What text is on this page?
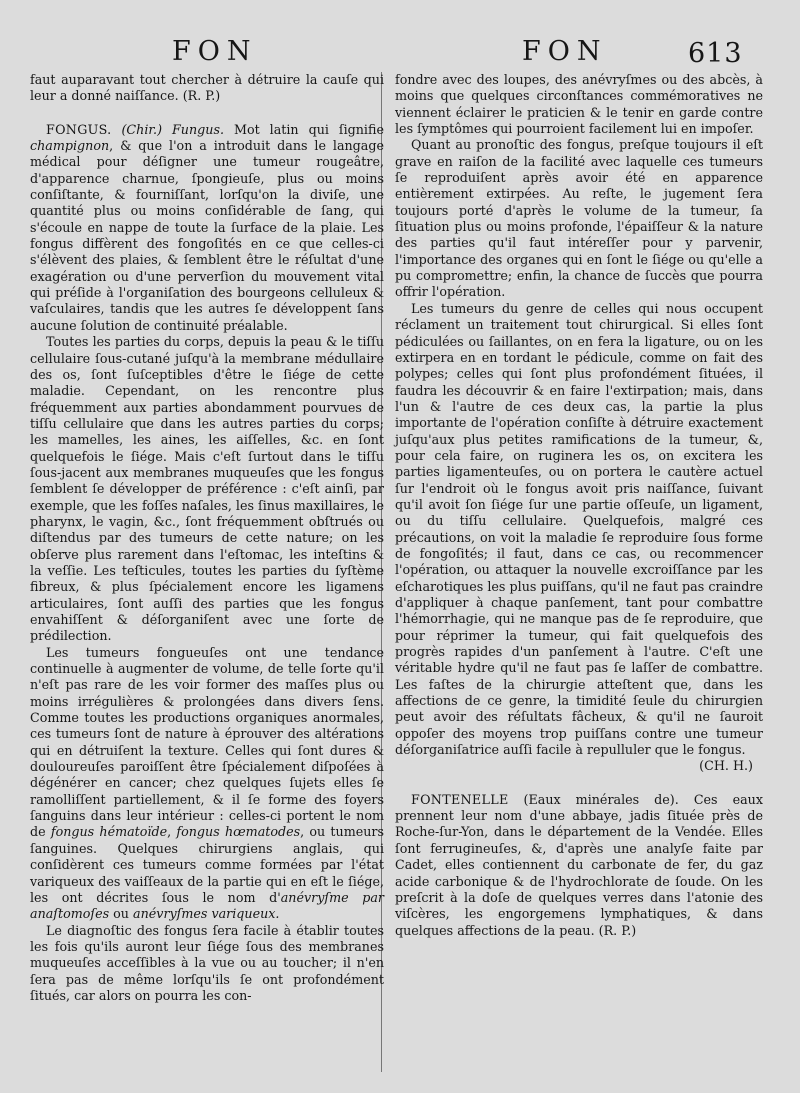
FON	FON	613

faut auparavant tout chercher à détruire la cauſe qui leur a donné naiſſance. (R. P.)

FONGUS. (Chir.) Fungus. Mot latin qui ſignifie champignon, & que l'on a introduit dans le langage médical pour déſigner une tumeur rougeâtre, d'apparence charnue, ſpongieuſe, plus ou moins conſiſtante, & fourniſſant, lorſqu'on la diviſe, une quantité plus ou moins conſidérable de ſang, qui s'écoule en nappe de toute la ſurface de la plaie. Les fongus diffèrent des fongoſités en ce que celles-ci s'élèvent des plaies, & ſemblent être le réſultat d'une exagération ou d'une perverſion du mouvement vital qui préſide à l'organiſation des bourgeons celluleux & vaſculaires, tandis que les autres ſe développent ſans aucune ſolution de continuité préalable.

Toutes les parties du corps, depuis la peau & le tiſſu cellulaire ſous-cutané juſqu'à la membrane médullaire des os, ſont ſuſceptibles d'être le ſiége de cette maladie. Cependant, on les rencontre plus fréquemment aux parties abondamment pourvues de tiſſu cellulaire que dans les autres parties du corps; les mamelles, les aines, les aiſſelles, &c. en ſont quelquefois le ſiége. Mais c'eſt ſurtout dans le tiſſu ſous-jacent aux membranes muqueuſes que les fongus ſemblent ſe développer de préférence : c'eſt ainſi, par exemple, que les foſſes naſales, les ſinus maxillaires, le pharynx, le vagin, &c., ſont fréquemment obſtrués ou diſtendus par des tumeurs de cette nature; on les obſerve plus rarement dans l'eſtomac, les inteſtins & la veſſie. Les teſticules, toutes les parties du ſyſtème fibreux, & plus ſpécialement encore les ligamens articulaires, ſont auſſi des parties que les fongus envahiſſent & déſorganiſent avec une ſorte de prédilection.

Les tumeurs fongueuſes ont une tendance continuelle à augmenter de volume, de telle ſorte qu'il n'eſt pas rare de les voir former des maſſes plus ou moins irrégulières & prolongées dans divers ſens. Comme toutes les productions organiques anormales, ces tumeurs ſont de nature à éprouver des altérations qui en détruiſent la texture. Celles qui ſont dures & douloureuſes paroiſſent être ſpécialement diſpoſées à dégénérer en cancer; chez quelques ſujets elles ſe ramolliſſent partiellement, & il ſe forme des foyers ſanguins dans leur intérieur : celles-ci portent le nom de fongus hématoïde, fongus hœmatodes, ou tumeurs ſanguines. Quelques chirurgiens anglais, qui conſidèrent ces tumeurs comme formées par l'état variqueux des vaiſſeaux de la partie qui en eſt le ſiége, les ont décrites ſous le nom d'anévryſme par anaſtomoſes ou anévryſmes variqueux.

Le diagnoſtic des fongus ſera facile à établir toutes les fois qu'ils auront leur ſiége ſous des membranes muqueuſes acceſſibles à la vue ou au toucher; il n'en ſera pas de même lorſqu'ils ſe ont profondément ſitués, car alors on pourra les con-

fondre avec des loupes, des anévryſmes ou des abcès, à moins que quelques circonſtances commémoratives ne viennent éclairer le praticien & le tenir en garde contre les ſymptômes qui pourroient facilement lui en impoſer.

Quant au pronoſtic des fongus, preſque toujours il eſt grave en raiſon de la facilité avec laquelle ces tumeurs ſe reproduiſent après avoir été en apparence entièrement extirpées. Au reſte, le jugement ſera toujours porté d'après le volume de la tumeur, ſa ſituation plus ou moins profonde, l'épaiſſeur & la nature des parties qu'il faut intéreſſer pour y parvenir, l'importance des organes qui en ſont le ſiége ou qu'elle a pu compromettre; enfin, la chance de ſuccès que pourra offrir l'opération.

Les tumeurs du genre de celles qui nous occupent réclament un traitement tout chirurgical. Si elles ſont pédiculées ou ſaillantes, on en fera la ligature, ou on les extirpera en en tordant le pédicule, comme on fait des polypes; celles qui ſont plus profondément ſituées, il faudra les découvrir & en faire l'extirpation; mais, dans l'un & l'autre de ces deux cas, la partie la plus importante de l'opération conſiſte à détruire exactement juſqu'aux plus petites ramifications de la tumeur, &, pour cela faire, on ruginera les os, on excitera les parties ligamenteuſes, ou on portera le cautère actuel ſur l'endroit où le fongus avoit pris naiſſance, ſuivant qu'il avoit ſon ſiége ſur une partie oſſeuſe, un ligament, ou du tiſſu cellulaire. Quelquefois, malgré ces précautions, on voit la maladie ſe reproduire ſous forme de fongoſités; il faut, dans ce cas, ou recommencer l'opération, ou attaquer la nouvelle excroiſſance par les eſcharotiques les plus puiſſans, qu'il ne faut pas craindre d'appliquer à chaque panſement, tant pour combattre l'hémorrhagie, qui ne manque pas de ſe reproduire, que pour réprimer la tumeur, qui fait quelquefois des progrès rapides d'un panſement à l'autre. C'eſt une véritable hydre qu'il ne faut pas ſe laſſer de combattre. Les faſtes de la chirurgie atteſtent que, dans les affections de ce genre, la timidité ſeule du chirurgien peut avoir des réſultats fâcheux, & qu'il ne ſauroit oppoſer des moyens trop puiſſans contre une tumeur déſorganiſatrice auſſi facile à repulluler que le fongus.

(CH. H.)

FONTENELLE (Eaux minérales de). Ces eaux prennent leur nom d'une abbaye, jadis ſituée près de Roche-ſur-Yon, dans le département de la Vendée. Elles ſont ferrugineuſes, &, d'après une analyſe faite par Cadet, elles contiennent du carbonate de fer, du gaz acide carbonique & de l'hydrochlorate de ſoude. On les preſcrit à la doſe de quelques verres dans l'atonie des viſcères, les engorgemens lymphatiques, & dans quelques affections de la peau. (R. P.)
